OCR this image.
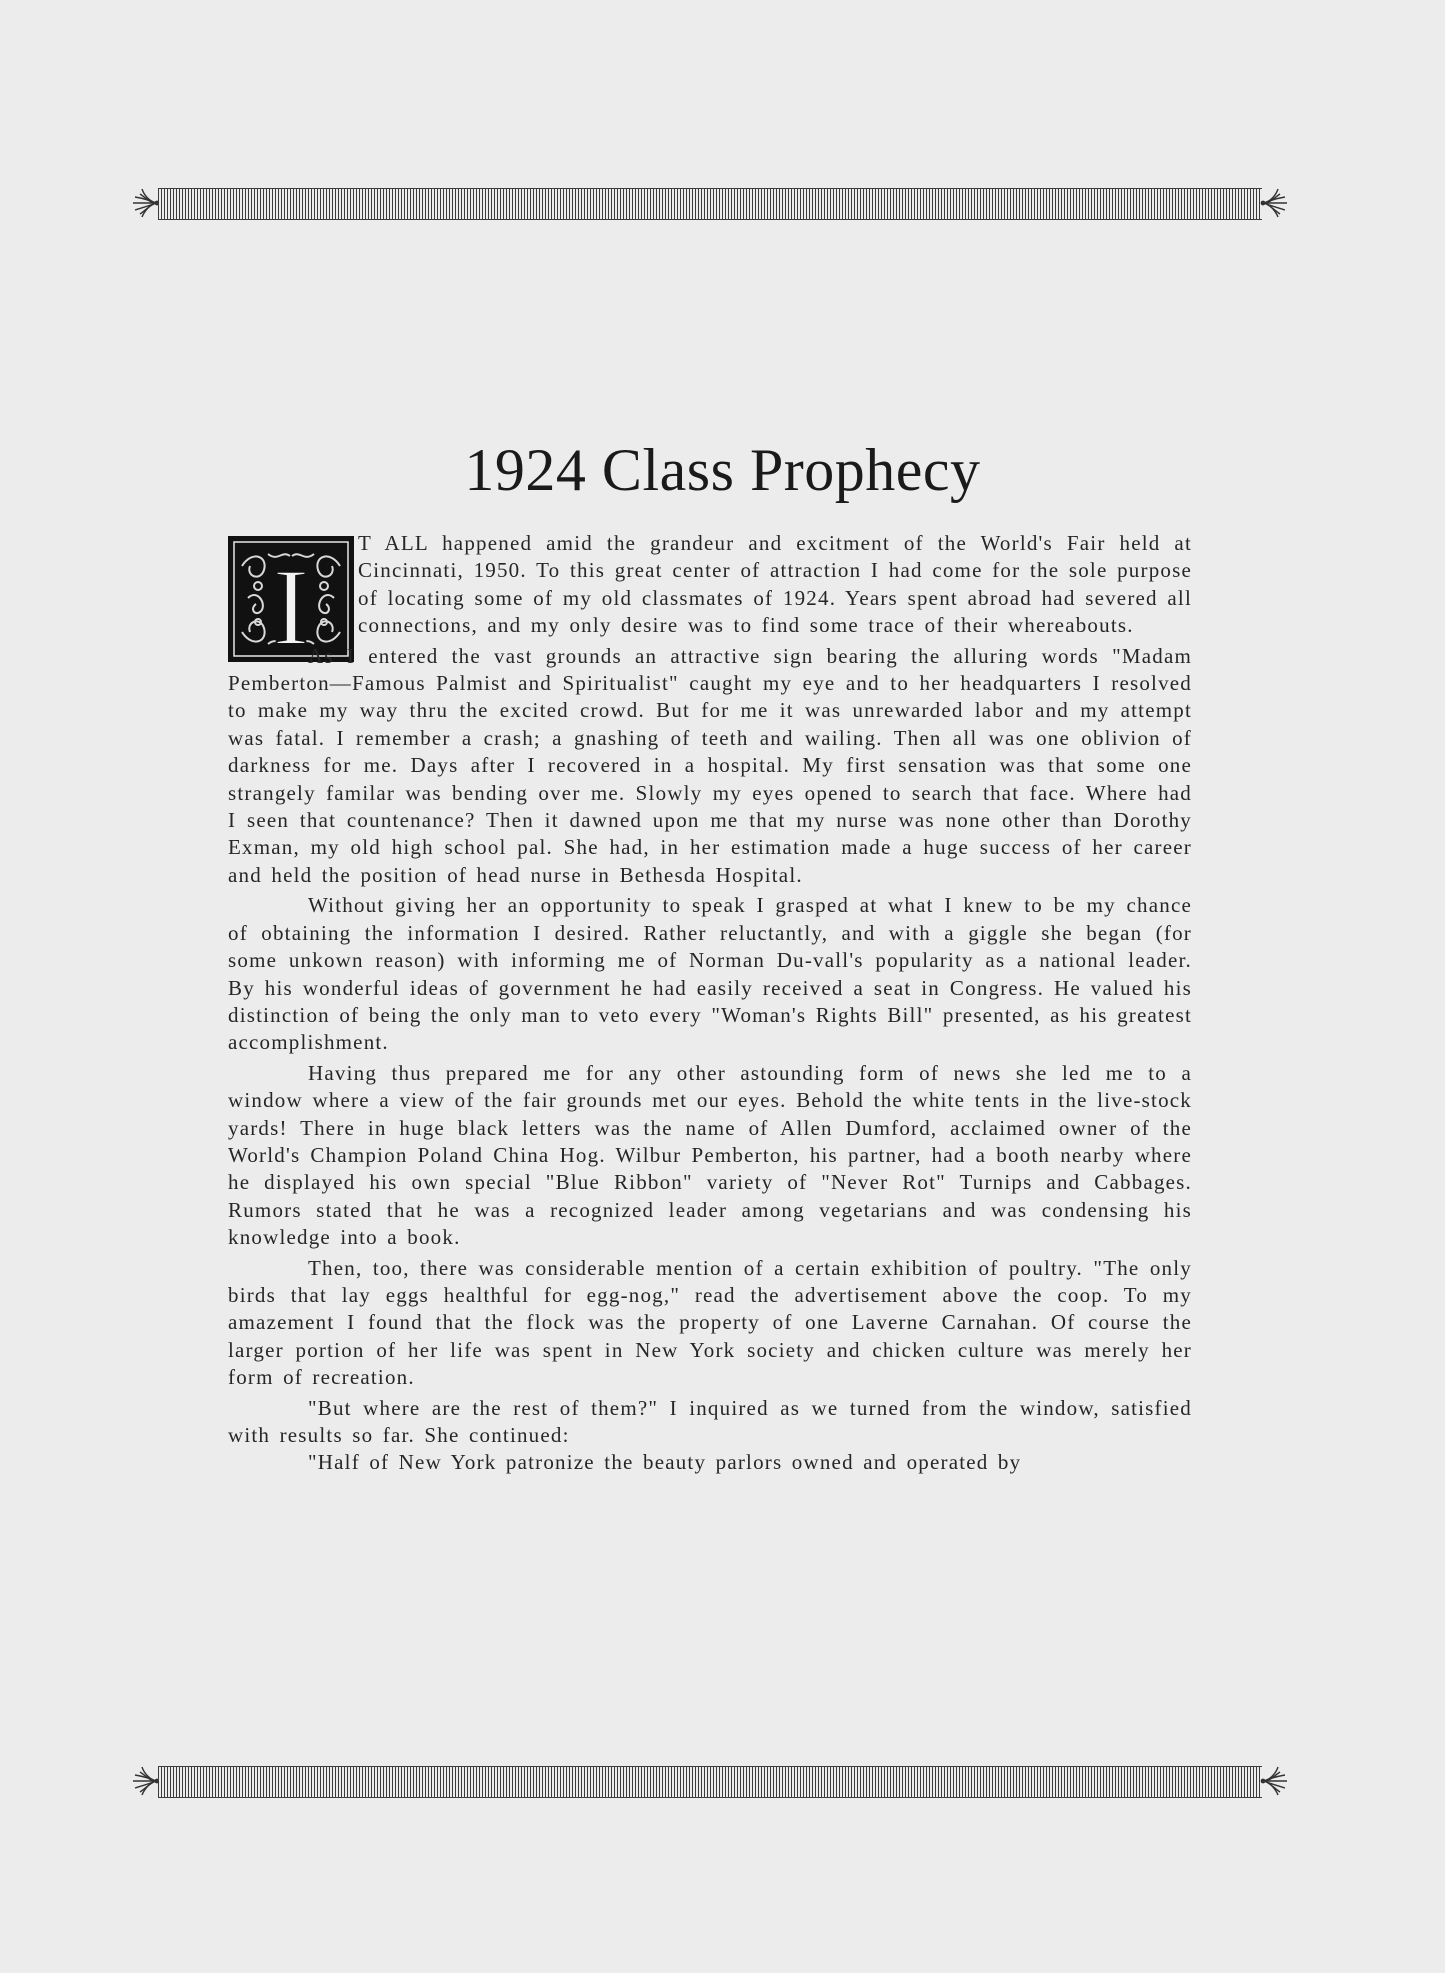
1924 Class Prophecy
I

T ALL happened amid the grandeur and excitment of the World's Fair held at Cincinnati, 1950. To this great center of attraction I had come for the sole purpose of locating some of my old classmates of 1924. Years spent abroad had severed all connections, and my only desire was to find some trace of their whereabouts.

As I entered the vast grounds an attractive sign bearing the alluring words "Madam Pemberton—Famous Palmist and Spiritualist" caught my eye and to her headquarters I resolved to make my way thru the excited crowd. But for me it was unrewarded labor and my attempt was fatal. I remember a crash; a gnashing of teeth and wailing. Then all was one oblivion of darkness for me. Days after I recovered in a hospital. My first sensation was that some one strangely familar was bending over me. Slowly my eyes opened to search that face. Where had I seen that countenance? Then it dawned upon me that my nurse was none other than Dorothy Exman, my old high school pal. She had, in her estimation made a huge success of her career and held the position of head nurse in Bethesda Hospital.

Without giving her an opportunity to speak I grasped at what I knew to be my chance of obtaining the information I desired. Rather reluctantly, and with a giggle she began (for some unkown reason) with informing me of Norman Du-vall's popularity as a national leader. By his wonderful ideas of government he had easily received a seat in Congress. He valued his distinction of being the only man to veto every "Woman's Rights Bill" presented, as his greatest accomplishment.

Having thus prepared me for any other astounding form of news she led me to a window where a view of the fair grounds met our eyes. Behold the white tents in the live-stock yards! There in huge black letters was the name of Allen Dumford, acclaimed owner of the World's Champion Poland China Hog. Wilbur Pemberton, his partner, had a booth nearby where he displayed his own special "Blue Ribbon" variety of "Never Rot" Turnips and Cabbages. Rumors stated that he was a recognized leader among vegetarians and was condensing his knowledge into a book.

Then, too, there was considerable mention of a certain exhibition of poultry. "The only birds that lay eggs healthful for egg-nog," read the advertisement above the coop. To my amazement I found that the flock was the property of one Laverne Carnahan. Of course the larger portion of her life was spent in New York society and chicken culture was merely her form of recreation.

"But where are the rest of them?" I inquired as we turned from the window, satisfied with results so far. She continued:

"Half of New York patronize the beauty parlors owned and operated by
